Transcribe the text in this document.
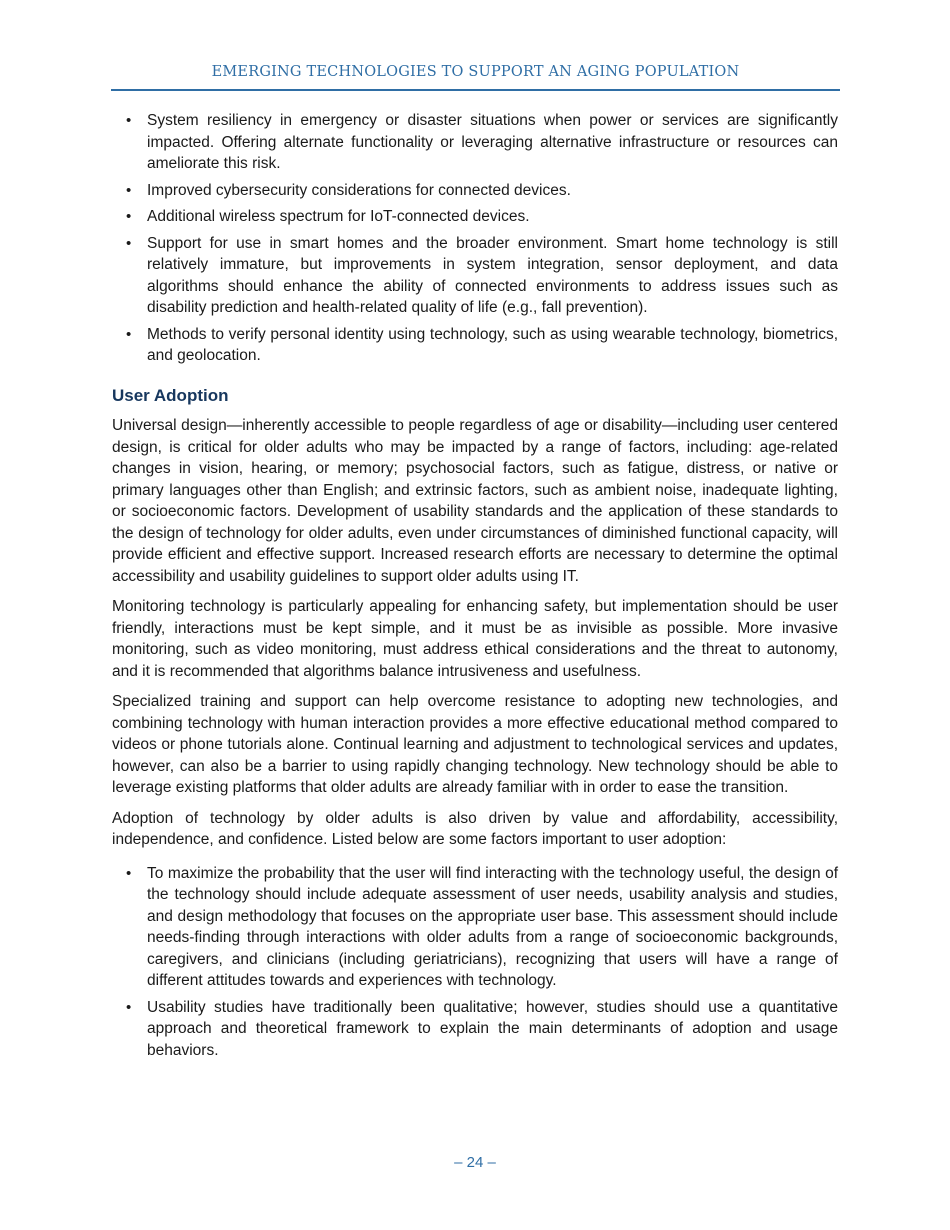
EMERGING TECHNOLOGIES TO SUPPORT AN AGING POPULATION
• System resiliency in emergency or disaster situations when power or services are significantly impacted. Offering alternate functionality or leveraging alternative infrastructure or resources can ameliorate this risk.
• Improved cybersecurity considerations for connected devices.
• Additional wireless spectrum for IoT-connected devices.
• Support for use in smart homes and the broader environment. Smart home technology is still relatively immature, but improvements in system integration, sensor deployment, and data algorithms should enhance the ability of connected environments to address issues such as disability prediction and health-related quality of life (e.g., fall prevention).
• Methods to verify personal identity using technology, such as using wearable technology, biometrics, and geolocation.
User Adoption

Universal design—inherently accessible to people regardless of age or disability—including user centered design, is critical for older adults who may be impacted by a range of factors, including: age-related changes in vision, hearing, or memory; psychosocial factors, such as fatigue, distress, or native or primary languages other than English; and extrinsic factors, such as ambient noise, inadequate lighting, or socioeconomic factors. Development of usability standards and the application of these standards to the design of technology for older adults, even under circumstances of diminished functional capacity, will provide efficient and effective support. Increased research efforts are necessary to determine the optimal accessibility and usability guidelines to support older adults using IT.

Monitoring technology is particularly appealing for enhancing safety, but implementation should be user friendly, interactions must be kept simple, and it must be as invisible as possible. More invasive monitoring, such as video monitoring, must address ethical considerations and the threat to autonomy, and it is recommended that algorithms balance intrusiveness and usefulness.

Specialized training and support can help overcome resistance to adopting new technologies, and combining technology with human interaction provides a more effective educational method compared to videos or phone tutorials alone. Continual learning and adjustment to technological services and updates, however, can also be a barrier to using rapidly changing technology. New technology should be able to leverage existing platforms that older adults are already familiar with in order to ease the transition.

Adoption of technology by older adults is also driven by value and affordability, accessibility, independence, and confidence. Listed below are some factors important to user adoption:

• To maximize the probability that the user will find interacting with the technology useful, the design of the technology should include adequate assessment of user needs, usability analysis and studies, and design methodology that focuses on the appropriate user base. This assessment should include needs-finding through interactions with older adults from a range of socioeconomic backgrounds, caregivers, and clinicians (including geriatricians), recognizing that users will have a range of different attitudes towards and experiences with technology.
• Usability studies have traditionally been qualitative; however, studies should use a quantitative approach and theoretical framework to explain the main determinants of adoption and usage behaviors.
– 24 –
